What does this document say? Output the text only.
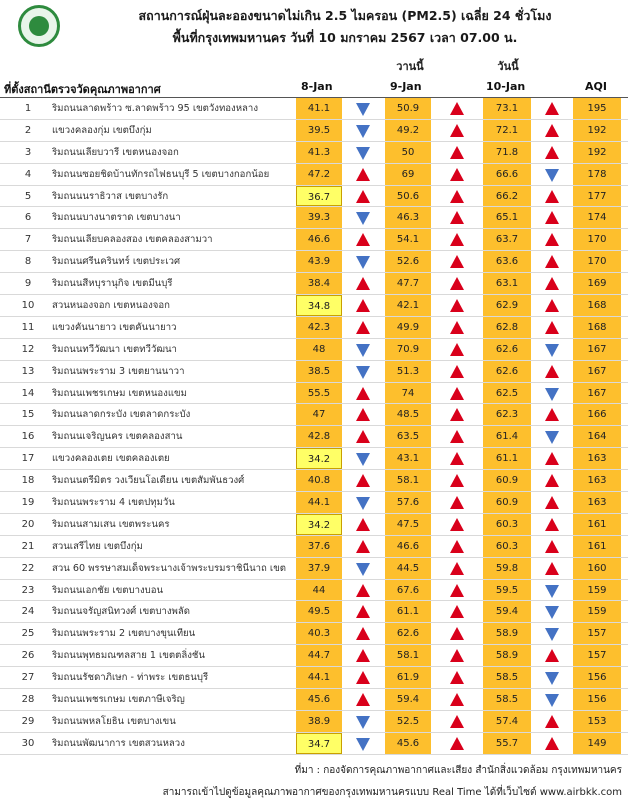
สถานการณ์ฝุ่นละอองขนาดไม่เกิน 2.5 ไมครอน (PM2.5) เฉลี่ย 24 ชั่วโมง
พื้นที่กรุงเทพมหานคร วันที่ 10 มกราคม 2567 เวลา 07.00 น.
วานนี้	วันนี้
ที่ตั้งสถานีตรวจวัดคุณภาพอากาศ	8-Jan	9-Jan	10-Jan	AQI
1	ริมถนนลาดพร้าว ซ.ลาดพร้าว 95 เขตวังทองหลาง	41.1	50.9	73.1	195
2	แขวงคลองกุ่ม เขตบึงกุ่ม	39.5	49.2	72.1	192
3	ริมถนนเลียบวารี เขตหนองจอก	41.3	50	71.8	192
4	ริมถนนซอยชิดบ้านทักรถไฟธนบุรี 5 เขตบางกอกน้อย	47.2	69	66.6	178
5	ริมถนนนราธิวาส เขตบางรัก	36.7	50.6	66.2	177
6	ริมถนนบางนาตราด เขตบางนา	39.3	46.3	65.1	174
7	ริมถนนเลียบคลองสอง เขตคลองสามวา	46.6	54.1	63.7	170
8	ริมถนนศรีนครินทร์ เขตประเวศ	43.9	52.6	63.6	170
9	ริมถนนสีหบุรานุกิจ เขตมีนบุรี	38.4	47.7	63.1	169
10	สวนหนองจอก เขตหนองจอก	34.8	42.1	62.9	168
11	แขวงคันนายาว เขตคันนายาว	42.3	49.9	62.8	168
12	ริมถนนทวีวัฒนา เขตทวีวัฒนา	48	70.9	62.6	167
13	ริมถนนพระราม 3 เขตยานนาวา	38.5	51.3	62.6	167
14	ริมถนนเพชรเกษม เขตหนองแขม	55.5	74	62.5	167
15	ริมถนนลาดกระบัง เขตลาดกระบัง	47	48.5	62.3	166
16	ริมถนนเจริญนคร เขตคลองสาน	42.8	63.5	61.4	164
17	แขวงคลองเตย เขตคลองเตย	34.2	43.1	61.1	163
18	ริมถนนตรีมิตร วงเวียนโอเดียน เขตสัมพันธวงศ์	40.8	58.1	60.9	163
19	ริมถนนพระราม 4 เขตปทุมวัน	44.1	57.6	60.9	163
20	ริมถนนสามเสน เขตพระนคร	34.2	47.5	60.3	161
21	สวนเสรีไทย เขตบึงกุ่ม	37.6	46.6	60.3	161
22	สวน 60 พรรษาสมเด็จพระนางเจ้าพระบรมราชินีนาถ เขต	37.9	44.5	59.8	160
23	ริมถนนเอกชัย เขตบางบอน	44	67.6	59.5	159
24	ริมถนนจรัญสนิทวงศ์ เขตบางพลัด	49.5	61.1	59.4	159
25	ริมถนนพระราม 2 เขตบางขุนเทียน	40.3	62.6	58.9	157
26	ริมถนนพุทธมณฑลสาย 1 เขตตลิ่งชัน	44.7	58.1	58.9	157
27	ริมถนนรัชดาภิเษก - ท่าพระ เขตธนบุรี	44.1	61.9	58.5	156
28	ริมถนนเพชรเกษม เขตภาษีเจริญ	45.6	59.4	58.5	156
29	ริมถนนพหลโยธิน เขตบางเขน	38.9	52.5	57.4	153
30	ริมถนนพัฒนาการ เขตสวนหลวง	34.7	45.6	55.7	149
ที่มา : กองจัดการคุณภาพอากาศและเสียง สำนักสิ่งแวดล้อม กรุงเทพมหานคร
สามารถเข้าไปดูข้อมูลคุณภาพอากาศของกรุงเทพมหานครแบบ Real Time ได้ที่เว็บไซต์ www.airbkk.com
